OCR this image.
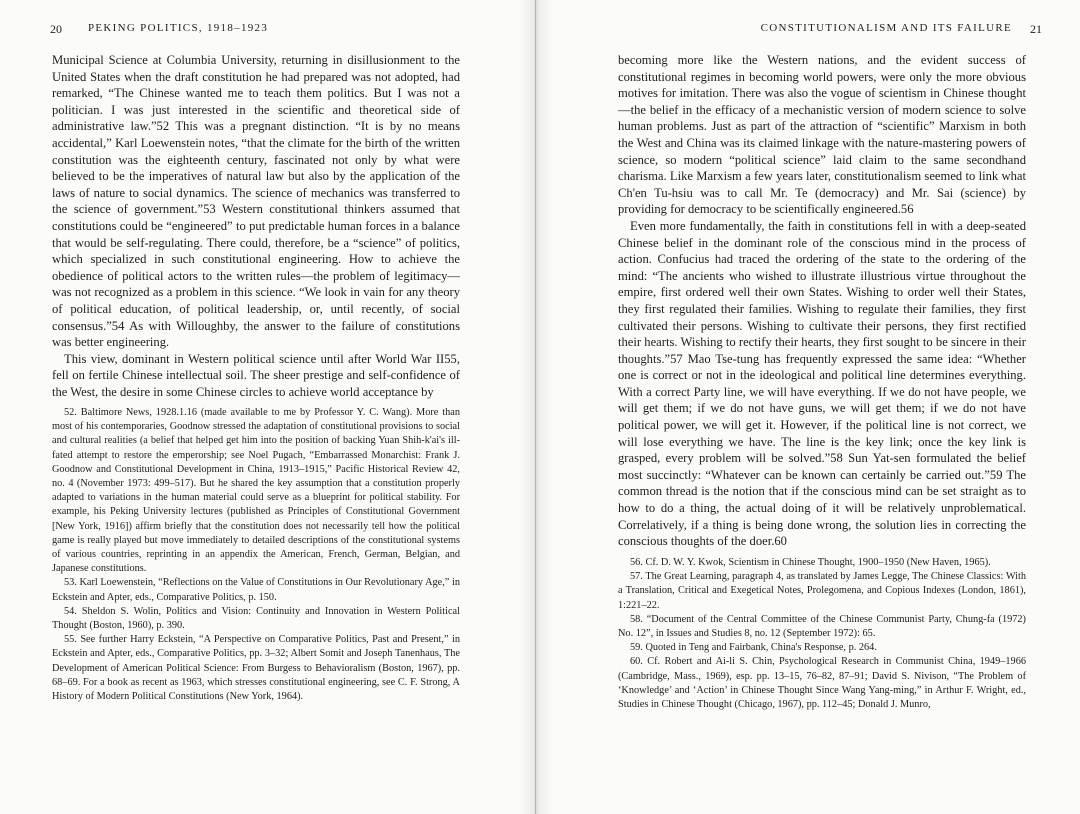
20 PEKING POLITICS, 1918–1923

Municipal Science at Columbia University, returning in disillusionment to the United States when the draft constitution he had prepared was not adopted, had remarked, “The Chinese wanted me to teach them politics. But I was not a politician. I was just interested in the scientific and theoretical side of administrative law.”52 This was a pregnant distinction. “It is by no means accidental,” Karl Loewenstein notes, “that the climate for the birth of the written constitution was the eighteenth century, fascinated not only by what were believed to be the imperatives of natural law but also by the application of the laws of nature to social dynamics. The science of mechanics was transferred to the science of government.”53 Western constitutional thinkers assumed that constitutions could be “engineered” to put predictable human forces in a balance that would be self-regulating. There could, therefore, be a “science” of politics, which specialized in such constitutional engineering. How to achieve the obedience of political actors to the written rules—the problem of legitimacy—was not recognized as a problem in this science. “We look in vain for any theory of political education, of political leadership, or, until recently, of social consensus.”54 As with Willoughby, the answer to the failure of constitutions was better engineering.

This view, dominant in Western political science until after World War II55, fell on fertile Chinese intellectual soil. The sheer prestige and self-confidence of the West, the desire in some Chinese circles to achieve world acceptance by

52. Baltimore News, 1928.1.16 (made available to me by Professor Y. C. Wang). More than most of his contemporaries, Goodnow stressed the adaptation of constitutional provisions to social and cultural realities (a belief that helped get him into the position of backing Yuan Shih-k'ai's ill-fated attempt to restore the emperorship; see Noel Pugach, “Embarrassed Monarchist: Frank J. Goodnow and Constitutional Development in China, 1913–1915,” Pacific Historical Review 42, no. 4 (November 1973: 499–517). But he shared the key assumption that a constitution properly adapted to variations in the human material could serve as a blueprint for political stability. For example, his Peking University lectures (published as Principles of Constitutional Government [New York, 1916]) affirm briefly that the constitution does not necessarily tell how the political game is really played but move immediately to detailed descriptions of the constitutional systems of various countries, reprinting in an appendix the American, French, German, Belgian, and Japanese constitutions.

53. Karl Loewenstein, “Reflections on the Value of Constitutions in Our Revolutionary Age,” in Eckstein and Apter, eds., Comparative Politics, p. 150.

54. Sheldon S. Wolin, Politics and Vision: Continuity and Innovation in Western Political Thought (Boston, 1960), p. 390.

55. See further Harry Eckstein, “A Perspective on Comparative Politics, Past and Present,” in Eckstein and Apter, eds., Comparative Politics, pp. 3–32; Albert Somit and Joseph Tanenhaus, The Development of American Political Science: From Burgess to Behavioralism (Boston, 1967), pp. 68–69. For a book as recent as 1963, which stresses constitutional engineering, see C. F. Strong, A History of Modern Political Constitutions (New York, 1964).

CONSTITUTIONALISM AND ITS FAILURE 21

becoming more like the Western nations, and the evident success of constitutional regimes in becoming world powers, were only the more obvious motives for imitation. There was also the vogue of scientism in Chinese thought—the belief in the efficacy of a mechanistic version of modern science to solve human problems. Just as part of the attraction of “scientific” Marxism in both the West and China was its claimed linkage with the nature-mastering powers of science, so modern “political science” laid claim to the same secondhand charisma. Like Marxism a few years later, constitutionalism seemed to link what Ch'en Tu-hsiu was to call Mr. Te (democracy) and Mr. Sai (science) by providing for democracy to be scientifically engineered.56

Even more fundamentally, the faith in constitutions fell in with a deep-seated Chinese belief in the dominant role of the conscious mind in the process of action. Confucius had traced the ordering of the state to the ordering of the mind: “The ancients who wished to illustrate illustrious virtue throughout the empire, first ordered well their own States. Wishing to order well their States, they first regulated their families. Wishing to regulate their families, they first cultivated their persons. Wishing to cultivate their persons, they first rectified their hearts. Wishing to rectify their hearts, they first sought to be sincere in their thoughts.”57 Mao Tse-tung has frequently expressed the same idea: “Whether one is correct or not in the ideological and political line determines everything. With a correct Party line, we will have everything. If we do not have people, we will get them; if we do not have guns, we will get them; if we do not have political power, we will get it. However, if the political line is not correct, we will lose everything we have. The line is the key link; once the key link is grasped, every problem will be solved.”58 Sun Yat-sen formulated the belief most succinctly: “Whatever can be known can certainly be carried out.”59 The common thread is the notion that if the conscious mind can be set straight as to how to do a thing, the actual doing of it will be relatively unproblematical. Correlatively, if a thing is being done wrong, the solution lies in correcting the conscious thoughts of the doer.60

56. Cf. D. W. Y. Kwok, Scientism in Chinese Thought, 1900–1950 (New Haven, 1965).

57. The Great Learning, paragraph 4, as translated by James Legge, The Chinese Classics: With a Translation, Critical and Exegetical Notes, Prolegomena, and Copious Indexes (London, 1861), 1:221–22.

58. “Document of the Central Committee of the Chinese Communist Party, Chung-fa (1972) No. 12”, in Issues and Studies 8, no. 12 (September 1972): 65.

59. Quoted in Teng and Fairbank, China's Response, p. 264.

60. Cf. Robert and Ai-li S. Chin, Psychological Research in Communist China, 1949–1966 (Cambridge, Mass., 1969), esp. pp. 13–15, 76–82, 87–91; David S. Nivison, “The Problem of ‘Knowledge’ and ‘Action’ in Chinese Thought Since Wang Yang-ming,” in Arthur F. Wright, ed., Studies in Chinese Thought (Chicago, 1967), pp. 112–45; Donald J. Munro,
